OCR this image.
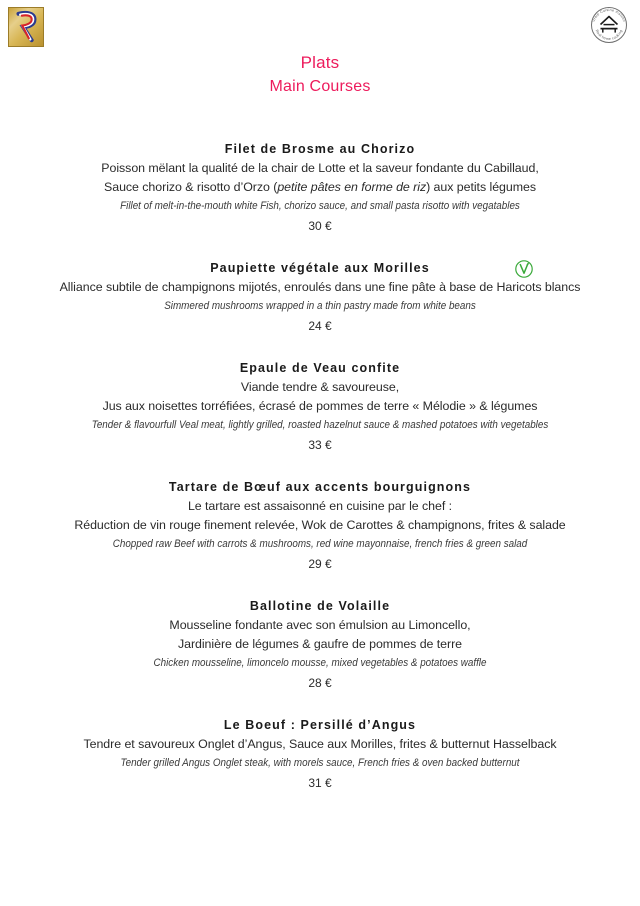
Vraie Cuisine maison
Real home cooking
Plats
Main Courses
Filet de Brosme au Chorizo
Poisson mëlant la qualité de la chair de Lotte et la saveur fondante du Cabillaud,
Sauce chorizo & risotto d’Orzo (petite pâtes en forme de riz) aux petits légumes
Fillet of melt-in-the-mouth white Fish, chorizo sauce, and small pasta risotto with vegatables
30 €
Paupiette végétale aux Morilles
Alliance subtile de champignons mijotés, enroulés dans une fine pâte à base de Haricots blancs
Simmered mushrooms wrapped in a thin pastry made from white beans
24 €
Epaule de Veau confite
Viande tendre & savoureuse,
Jus aux noisettes torréfiées, écrasé de pommes de terre « Mélodie » & légumes
Tender & flavourfull Veal meat, lightly grilled, roasted hazelnut sauce & mashed potatoes with vegetables
33 €
Tartare de Bœuf aux accents bourguignons
Le tartare est assaisonné en cuisine par le chef :
Réduction de vin rouge finement relevée, Wok de Carottes & champignons, frites & salade
Chopped raw Beef with carrots & mushrooms, red wine mayonnaise, french fries & green salad
29 €
Ballotine de Volaille
Mousseline fondante avec son émulsion au Limoncello,
Jardinière de légumes & gaufre de pommes de terre
Chicken mousseline, limoncelo mousse, mixed vegetables & potatoes waffle
28 €
Le Boeuf : Persillé d’Angus
Tendre et savoureux Onglet d’Angus, Sauce aux Morilles, frites & butternut Hasselback
Tender grilled Angus Onglet steak, with morels sauce, French fries & oven backed butternut
31 €
